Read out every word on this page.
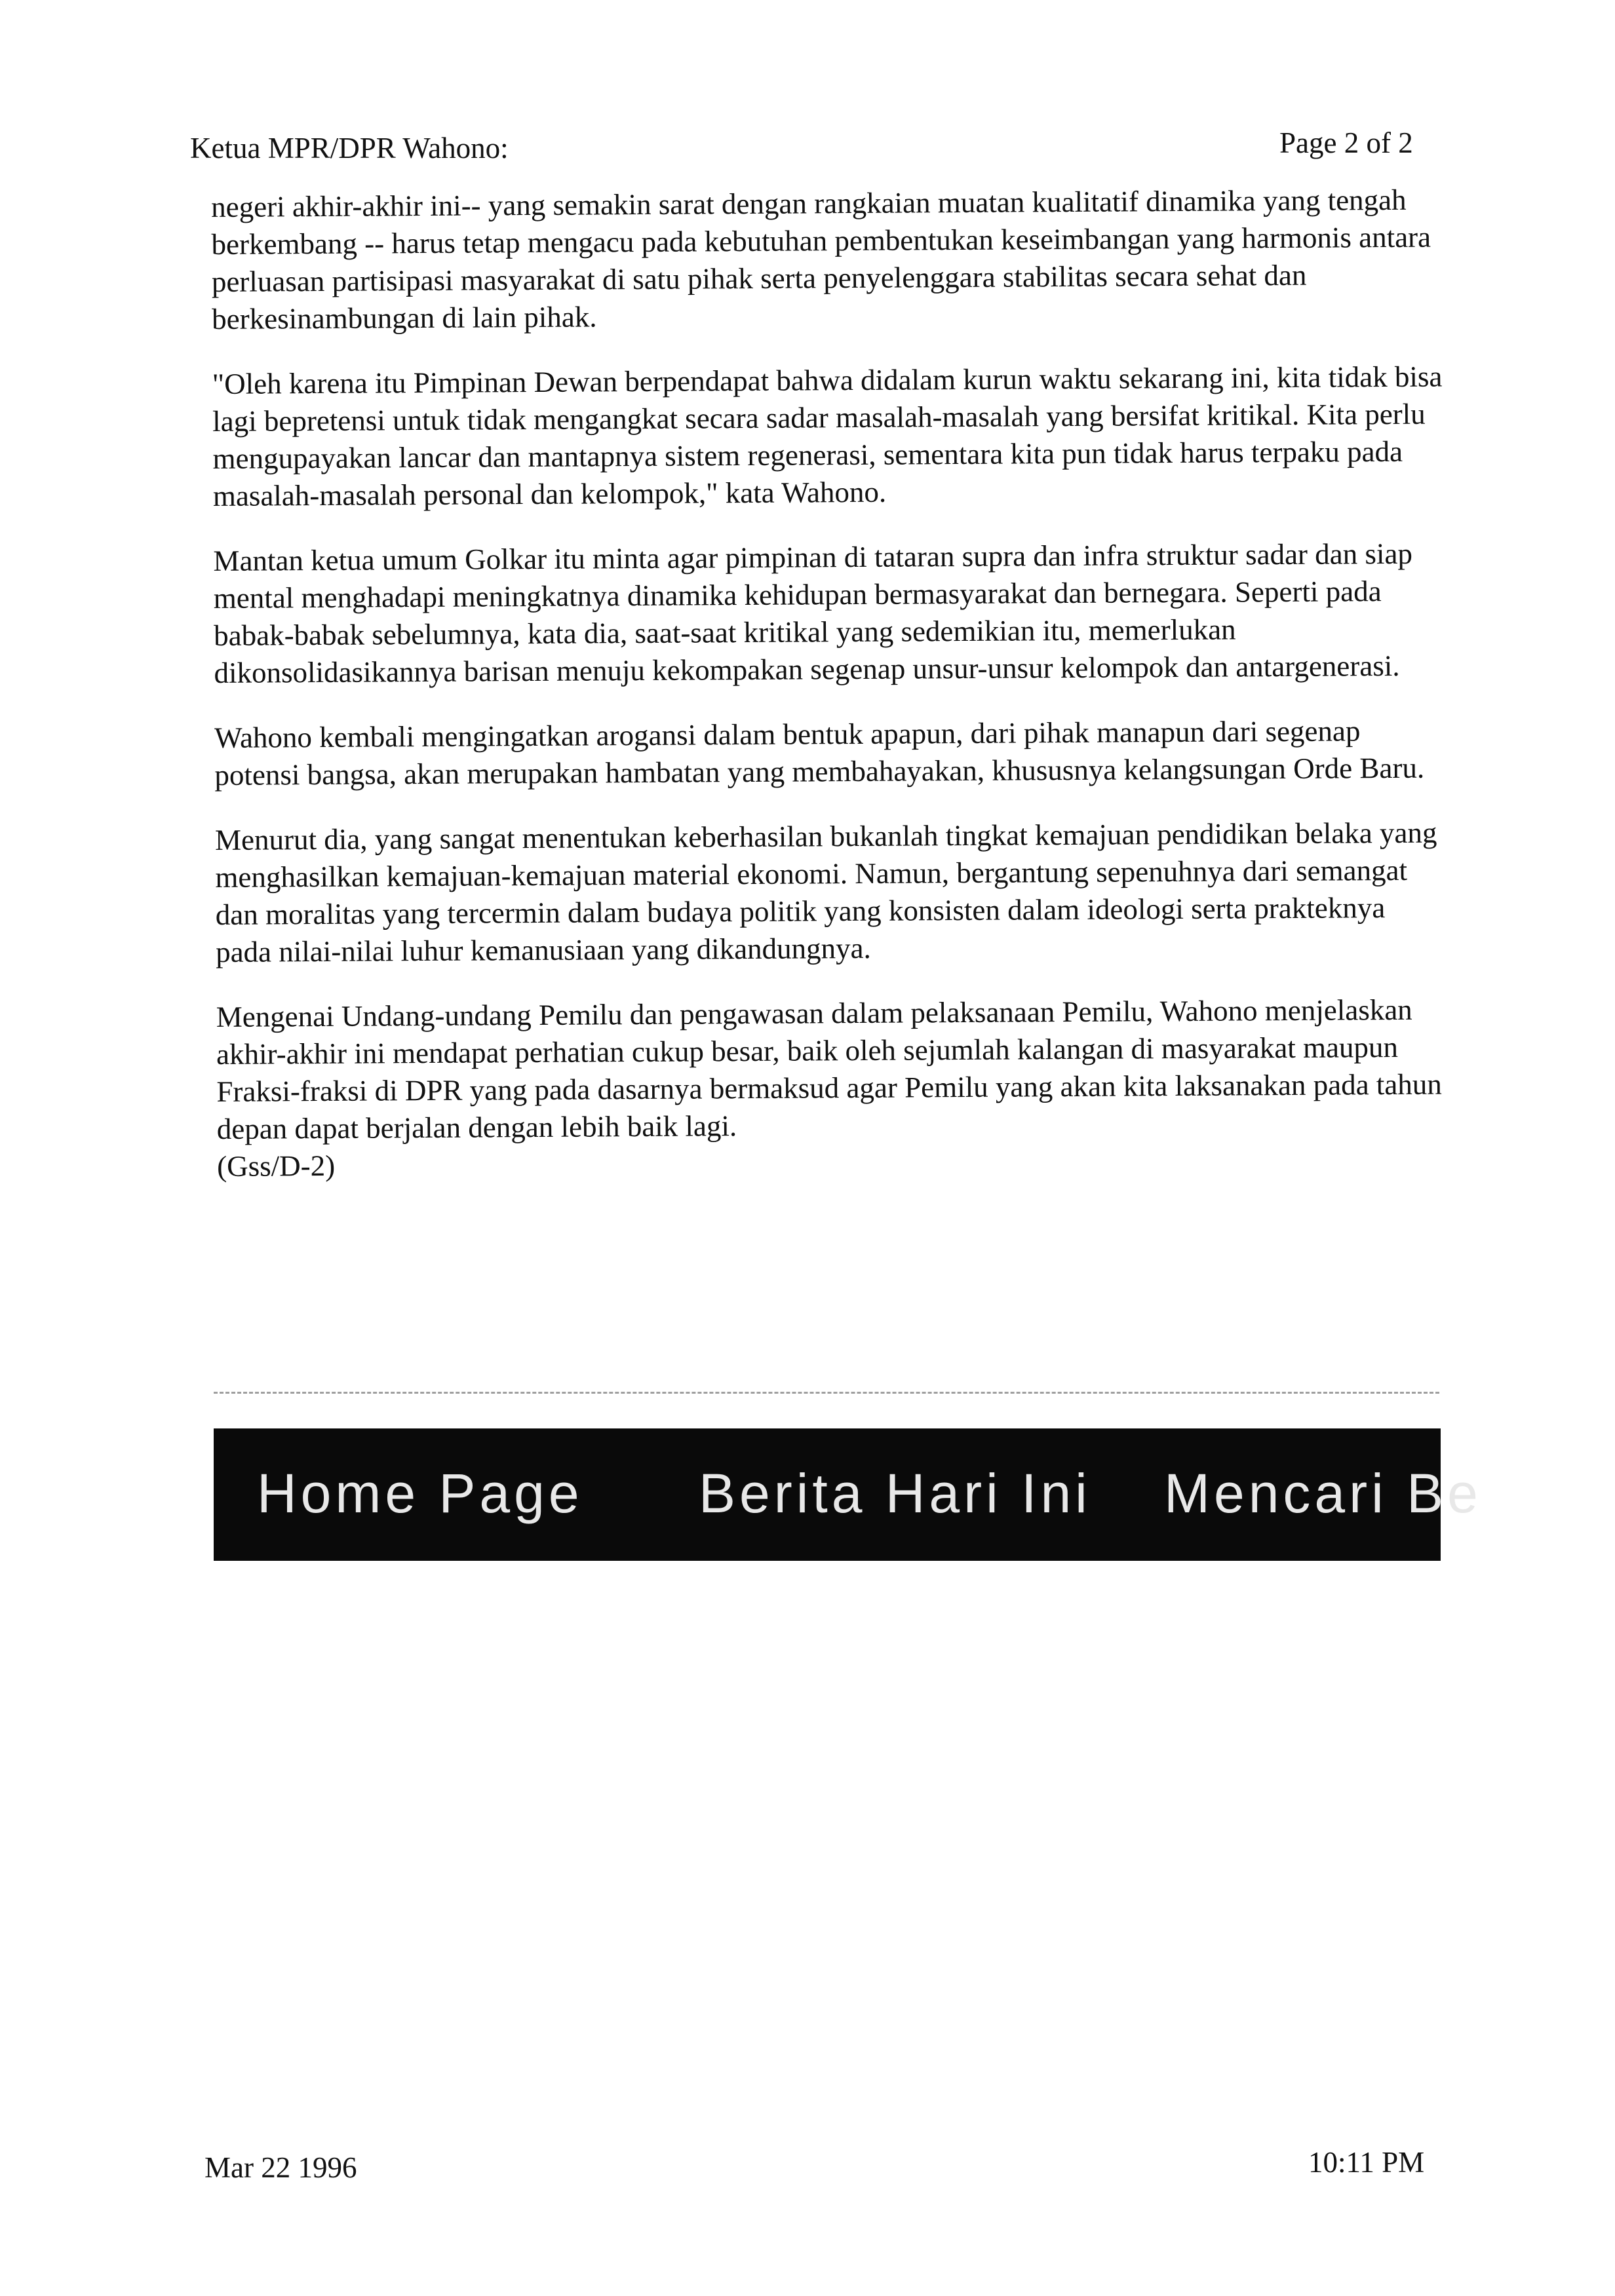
Ketua MPR/DPR Wahono:	Page 2 of 2

negeri akhir-akhir ini-- yang semakin sarat dengan rangkaian muatan kualitatif dinamika yang tengah berkembang -- harus tetap mengacu pada kebutuhan pembentukan keseimbangan yang harmonis antara perluasan partisipasi masyarakat di satu pihak serta penyelenggara stabilitas secara sehat dan berkesinambungan di lain pihak.

"Oleh karena itu Pimpinan Dewan berpendapat bahwa didalam kurun waktu sekarang ini, kita tidak bisa lagi bepretensi untuk tidak mengangkat secara sadar masalah-masalah yang bersifat kritikal. Kita perlu mengupayakan lancar dan mantapnya sistem regenerasi, sementara kita pun tidak harus terpaku pada masalah-masalah personal dan kelompok," kata Wahono.

Mantan ketua umum Golkar itu minta agar pimpinan di tataran supra dan infra struktur sadar dan siap mental menghadapi meningkatnya dinamika kehidupan bermasyarakat dan bernegara. Seperti pada babak-babak sebelumnya, kata dia, saat-saat kritikal yang sedemikian itu, memerlukan dikonsolidasikannya barisan menuju kekompakan segenap unsur-unsur kelompok dan antargenerasi.

Wahono kembali mengingatkan arogansi dalam bentuk apapun, dari pihak manapun dari segenap potensi bangsa, akan merupakan hambatan yang membahayakan, khususnya kelangsungan Orde Baru.

Menurut dia, yang sangat menentukan keberhasilan bukanlah tingkat kemajuan pendidikan belaka yang menghasilkan kemajuan-kemajuan material ekonomi. Namun, bergantung sepenuhnya dari semangat dan moralitas yang tercermin dalam budaya politik yang konsisten dalam ideologi serta prakteknya pada nilai-nilai luhur kemanusiaan yang dikandungnya.

Mengenai Undang-undang Pemilu dan pengawasan dalam pelaksanaan Pemilu, Wahono menjelaskan akhir-akhir ini mendapat perhatian cukup besar, baik oleh sejumlah kalangan di masyarakat maupun Fraksi-fraksi di DPR yang pada dasarnya bermaksud agar Pemilu yang akan kita laksanakan pada tahun depan dapat berjalan dengan lebih baik lagi.
(Gss/D-2)

Home Page Berita Hari Ini Mencari Be
Mar 22 1996	10:11 PM
